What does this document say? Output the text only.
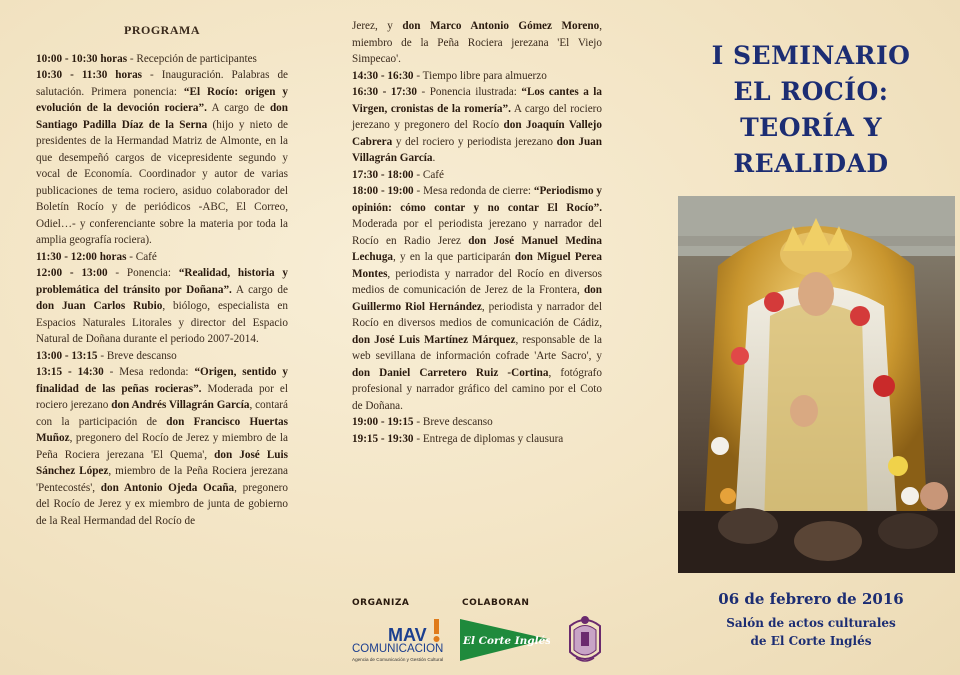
PROGRAMA

10:00 - 10:30 horas - Recepción de participantes

10:30 - 11:30 horas - Inauguración. Palabras de salutación. Primera ponencia: “El Rocío: origen y evolución de la devoción rociera”. A cargo de don Santiago Padilla Díaz de la Serna (hijo y nieto de presidentes de la Hermandad Matriz de Almonte, en la que desempeñó cargos de vicepresidente segundo y vocal de Economía. Coordinador y autor de varias publicaciones de tema rociero, asiduo colaborador del Boletín Rocío y de periódicos -ABC, El Correo, Odiel…- y conferenciante sobre la materia por toda la amplia geografía rociera).

11:30 - 12:00 horas - Café

12:00 - 13:00 - Ponencia: “Realidad, historia y problemática del tránsito por Doñana”. A cargo de don Juan Carlos Rubio, biólogo, especialista en Espacios Naturales Litorales y director del Espacio Natural de Doñana durante el periodo 2007-2014.

13:00 - 13:15 - Breve descanso

13:15 - 14:30 - Mesa redonda: “Origen, sentido y finalidad de las peñas rocieras”. Moderada por el rociero jerezano don Andrés Villagrán García, contará con la participación de don Francisco Huertas Muñoz, pregonero del Rocío de Jerez y miembro de la Peña Rociera jerezana 'El Quema', don José Luis Sánchez López, miembro de la Peña Rociera jerezana 'Pentecostés', don Antonio Ojeda Ocaña, pregonero del Rocío de Jerez y ex miembro de junta de gobierno de la Real Hermandad del Rocío de

Jerez, y don Marco Antonio Gómez Moreno, miembro de la Peña Rociera jerezana 'El Viejo Simpecao'.

14:30 - 16:30 - Tiempo libre para almuerzo

16:30 - 17:30 - Ponencia ilustrada: “Los cantes a la Virgen, cronistas de la romería”. A cargo del rociero jerezano y pregonero del Rocío don Joaquín Vallejo Cabrera y del rociero y periodista jerezano don Juan Villagrán García.

17:30 - 18:00 - Café

18:00 - 19:00 - Mesa redonda de cierre: “Periodismo y opinión: cómo contar y no contar El Rocío”. Moderada por el periodista jerezano y narrador del Rocío en Radio Jerez don José Manuel Medina Lechuga, y en la que participarán don Miguel Perea Montes, periodista y narrador del Rocío en diversos medios de comunicación de Jerez de la Frontera, don Guillermo Riol Hernández, periodista y narrador del Rocío en diversos medios de comunicación de Cádiz, don José Luis Martínez Márquez, responsable de la web sevillana de información cofrade 'Arte Sacro', y don Daniel Carretero Ruiz -Cortina, fotógrafo profesional y narrador gráfico del camino por el Coto de Doñana.

19:00 - 19:15 - Breve descanso

19:15 - 19:30 - Entrega de diplomas y clausura

ORGANIZA	COLABORAN
MAV
COMUNICACION
Agencia de Comunicación y Gestión Cultural
El Corte Inglés
I SEMINARIO
EL ROCÍO:
TEORÍA Y
REALIDAD
06 de febrero de 2016
Salón de actos culturales
de El Corte Inglés
